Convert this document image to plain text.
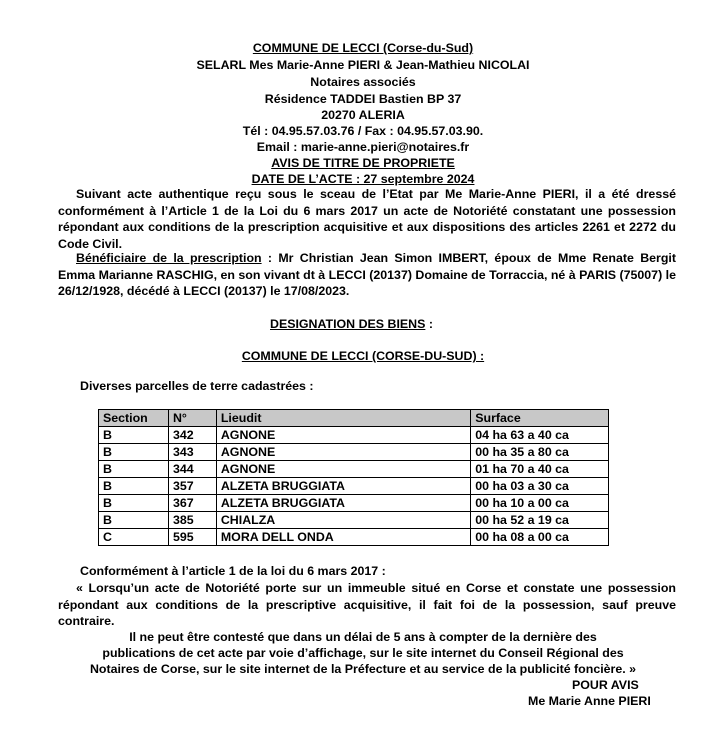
COMMUNE DE LECCI (Corse-du-Sud)
SELARL Mes Marie-Anne PIERI & Jean-Mathieu NICOLAI
Notaires associés
Résidence TADDEI Bastien BP 37
20270 ALERIA
Tél : 04.95.57.03.76 / Fax : 04.95.57.03.90.
Email : marie-anne.pieri@notaires.fr
AVIS DE TITRE DE PROPRIETE
DATE DE L’ACTE : 27 septembre 2024
Suivant acte authentique reçu sous le sceau de l’Etat par Me Marie-Anne PIERI, il a été dressé conformément à l’Article 1 de la Loi du 6 mars 2017 un acte de Notoriété constatant une possession répondant aux conditions de la prescription acquisitive et aux dispositions des articles 2261 et 2272 du Code Civil.
Bénéficiaire de la prescription : Mr Christian Jean Simon IMBERT, époux de Mme Renate Bergit Emma Marianne RASCHIG, en son vivant dt à LECCI (20137) Domaine de Torraccia, né à PARIS (75007) le 26/12/1928, décédé à LECCI (20137) le 17/08/2023.
DESIGNATION DES BIENS :
COMMUNE DE LECCI (CORSE-DU-SUD) :
Diverses parcelles de terre cadastrées :
Section	N°	Lieudit	Surface
B	342	AGNONE	04 ha 63 a 40 ca
B	343	AGNONE	00 ha 35 a 80 ca
B	344	AGNONE	01 ha 70 a 40 ca
B	357	ALZETA BRUGGIATA	00 ha 03 a 30 ca
B	367	ALZETA BRUGGIATA	00 ha 10 a 00 ca
B	385	CHIALZA	00 ha 52 a 19 ca
C	595	MORA DELL ONDA	00 ha 08 a 00 ca
Conformément à l’article 1 de la loi du 6 mars 2017 :
« Lorsqu’un acte de Notoriété porte sur un immeuble situé en Corse et constate une possession répondant aux conditions de la prescriptive acquisitive, il fait foi de la possession, sauf preuve contraire.
Il ne peut être contesté que dans un délai de 5 ans à compter de la dernière des
publications de cet acte par voie d’affichage, sur le site internet du Conseil Régional des
Notaires de Corse, sur le site internet de la Préfecture et au service de la publicité foncière. »
POUR AVIS
Me Marie Anne PIERI
